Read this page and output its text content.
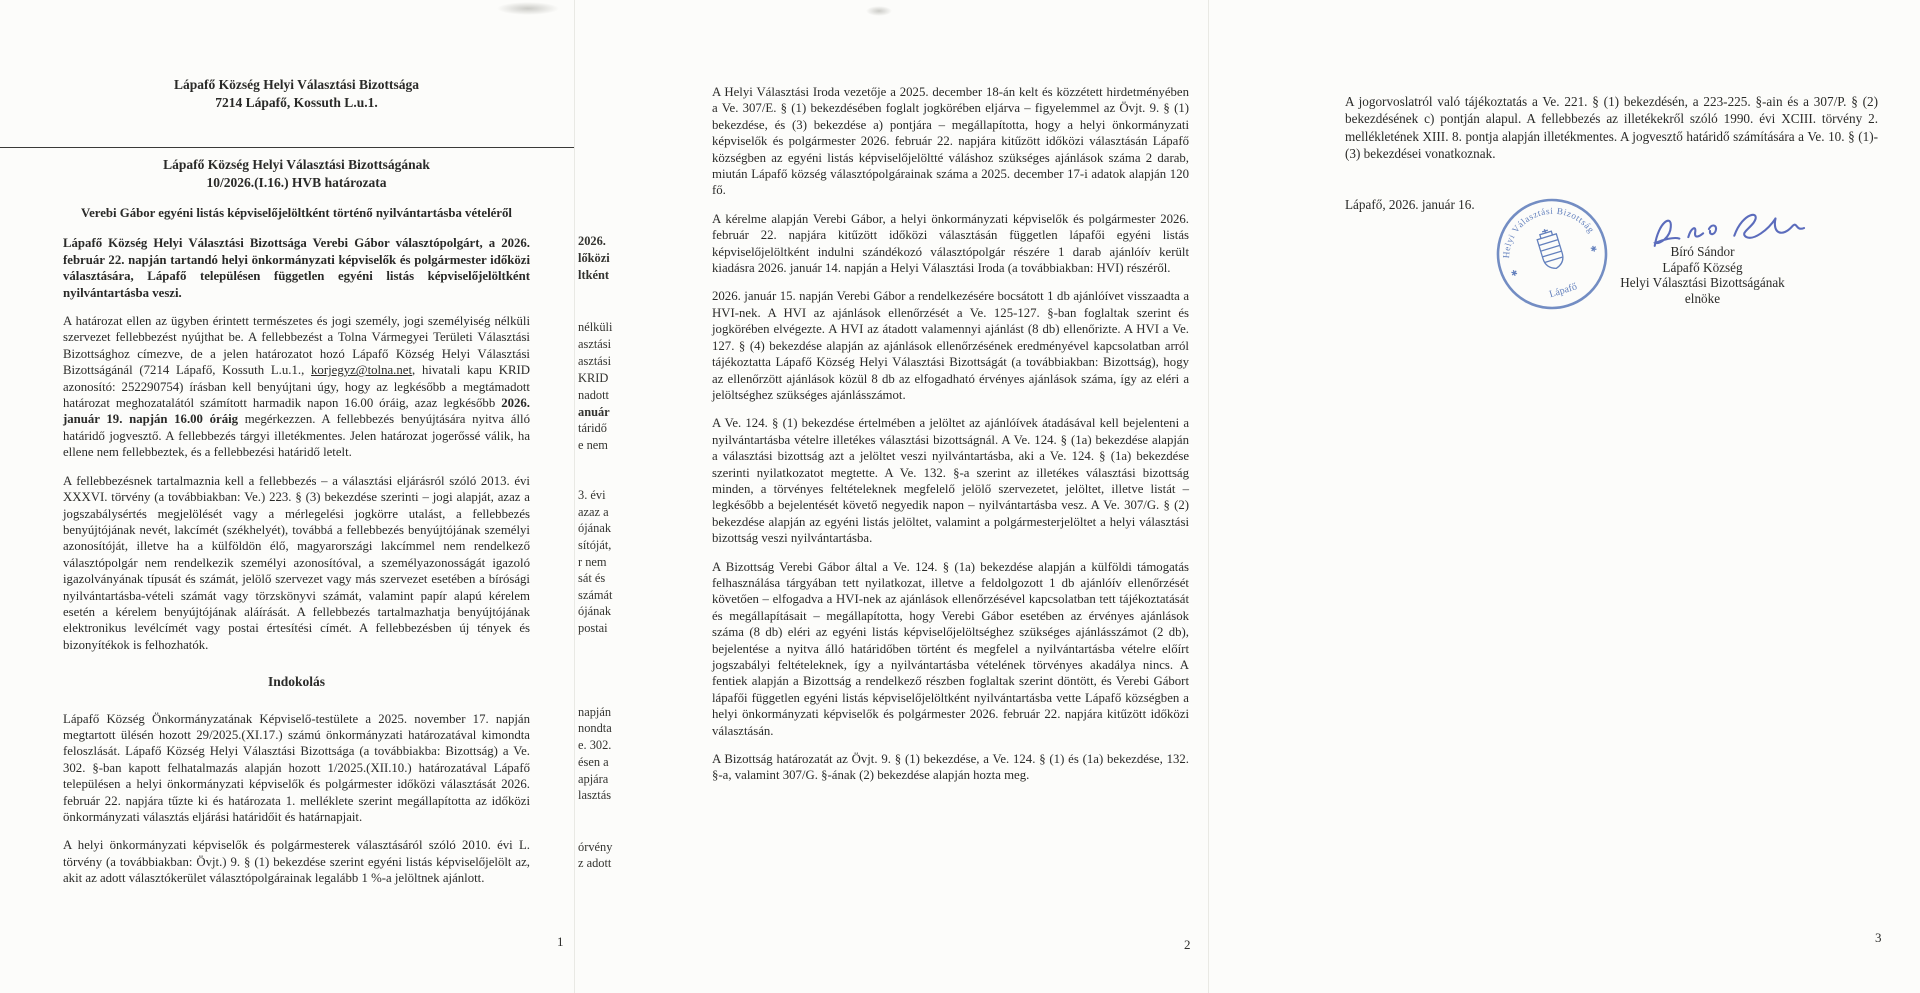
Lápafő Község Helyi Választási Bizottsága
7214 Lápafő, Kossuth L.u.1.
Lápafő Község Helyi Választási Bizottságának
10/2026.(I.16.) HVB határozata

Verebi Gábor egyéni listás képviselőjelöltként történő nyilvántartásba vételéről

Lápafő Község Helyi Választási Bizottsága Verebi Gábor választópolgárt, a 2026. február 22. napján tartandó helyi önkormányzati képviselők és polgármester időközi választására, Lápafő településen független egyéni listás képviselőjelöltként nyilvántartásba veszi.

A határozat ellen az ügyben érintett természetes és jogi személy, jogi személyiség nélküli szervezet fellebbezést nyújthat be. A fellebbezést a Tolna Vármegyei Területi Választási Bizottsághoz címezve, de a jelen határozatot hozó Lápafő Község Helyi Választási Bizottságánál (7214 Lápafő, Kossuth L.u.1., korjegyz@tolna.net, hivatali kapu KRID azonosító: 252290754) írásban kell benyújtani úgy, hogy az legkésőbb a megtámadott határozat meghozatalától számított harmadik napon 16.00 óráig, azaz legkésőbb 2026. január 19. napján 16.00 óráig megérkezzen. A fellebbezés benyújtására nyitva álló határidő jogvesztő. A fellebbezés tárgyi illetékmentes. Jelen határozat jogerőssé válik, ha ellene nem fellebbeztek, és a fellebbezési határidő letelt.

A fellebbezésnek tartalmaznia kell a fellebbezés – a választási eljárásról szóló 2013. évi XXXVI. törvény (a továbbiakban: Ve.) 223. § (3) bekezdése szerinti – jogi alapját, azaz a jogszabálysértés megjelölését vagy a mérlegelési jogkörre utalást, a fellebbezés benyújtójának nevét, lakcímét (székhelyét), továbbá a fellebbezés benyújtójának személyi azonosítóját, illetve ha a külföldön élő, magyarországi lakcímmel nem rendelkező választópolgár nem rendelkezik személyi azonosítóval, a személyazonosságát igazoló igazolványának típusát és számát, jelölő szervezet vagy más szervezet esetében a bírósági nyilvántartásba-vételi számát vagy törzskönyvi számát, valamint papír alapú kérelem esetén a kérelem benyújtójának aláírását. A fellebbezés tartalmazhatja benyújtójának elektronikus levélcímét vagy postai értesítési címét. A fellebbezésben új tények és bizonyítékok is felhozhatók.

Indokolás

Lápafő Község Önkormányzatának Képviselő-testülete a 2025. november 17. napján megtartott ülésén hozott 29/2025.(XI.17.) számú önkormányzati határozatával kimondta feloszlását. Lápafő Község Helyi Választási Bizottsága (a továbbiakba: Bizottság) a Ve. 302. §-ban kapott felhatalmazás alapján hozott 1/2025.(XII.10.) határozatával Lápafő településen a helyi önkormányzati képviselők és polgármester időközi választását 2026. február 22. napjára tűzte ki és határozata 1. melléklete szerint megállapította az időközi önkormányzati választás eljárási határidőit és határnapjait.

A helyi önkormányzati képviselők és polgármesterek választásáról szóló 2010. évi L. törvény (a továbbiakban: Övjt.) 9. § (1) bekezdése szerint egyéni listás képviselőjelölt az, akit az adott választókerület választópolgárainak legalább 1 %-a jelöltnek ajánlott.

2026.
lőközi
ltként
nélküli
asztási
asztási
KRID
nadott
anuár
táridő
e nem
3. évi
azaz a
ójának
sítóját,
r nem
sát és
számát
ójának
postai
napján
nondta
e. 302.
ésen a
apjára
lasztás
órvény
z adott

A Helyi Választási Iroda vezetője a 2025. december 18-án kelt és közzétett hirdetményében a Ve. 307/E. § (1) bekezdésében foglalt jogkörében eljárva – figyelemmel az Övjt. 9. § (1) bekezdése, és (3) bekezdése a) pontjára – megállapította, hogy a helyi önkormányzati képviselők és polgármester 2026. február 22. napjára kitűzött időközi választásán Lápafő községben az egyéni listás képviselőjelöltté váláshoz szükséges ajánlások száma 2 darab, miután Lápafő község választópolgárainak száma a 2025. december 17-i adatok alapján 120 fő.

A kérelme alapján Verebi Gábor, a helyi önkormányzati képviselők és polgármester 2026. február 22. napjára kitűzött időközi választásán független lápafői egyéni listás képviselőjelöltként indulni szándékozó választópolgár részére 1 darab ajánlóív került kiadásra 2026. január 14. napján a Helyi Választási Iroda (a továbbiakban: HVI) részéről.

2026. január 15. napján Verebi Gábor a rendelkezésére bocsátott 1 db ajánlóívet visszaadta a HVI-nek. A HVI az ajánlások ellenőrzését a Ve. 125-127. §-ban foglaltak szerint és jogkörében elvégezte. A HVI az átadott valamennyi ajánlást (8 db) ellenőrizte. A HVI a Ve. 127. § (4) bekezdése alapján az ajánlások ellenőrzésének eredményével kapcsolatban arról tájékoztatta Lápafő Község Helyi Választási Bizottságát (a továbbiakban: Bizottság), hogy az ellenőrzött ajánlások közül 8 db az elfogadható érvényes ajánlások száma, így az eléri a jelöltséghez szükséges ajánlásszámot.

A Ve. 124. § (1) bekezdése értelmében a jelöltet az ajánlóívek átadásával kell bejelenteni a nyilvántartásba vételre illetékes választási bizottságnál. A Ve. 124. § (1a) bekezdése alapján a választási bizottság azt a jelöltet veszi nyilvántartásba, aki a Ve. 124. § (1a) bekezdése szerinti nyilatkozatot megtette. A Ve. 132. §-a szerint az illetékes választási bizottság minden, a törvényes feltételeknek megfelelő jelölő szervezetet, jelöltet, illetve listát – legkésőbb a bejelentését követő negyedik napon – nyilvántartásba vesz. A Ve. 307/G. § (2) bekezdése alapján az egyéni listás jelöltet, valamint a polgármesterjelöltet a helyi választási bizottság veszi nyilvántartásba.

A Bizottság Verebi Gábor által a Ve. 124. § (1a) bekezdése alapján a külföldi támogatás felhasználása tárgyában tett nyilatkozat, illetve a feldolgozott 1 db ajánlóív ellenőrzését követően – elfogadva a HVI-nek az ajánlások ellenőrzésével kapcsolatban tett tájékoztatását és megállapításait – megállapította, hogy Verebi Gábor esetében az érvényes ajánlások száma (8 db) eléri az egyéni listás képviselőjelöltséghez szükséges ajánlásszámot (2 db), bejelentése a nyitva álló határidőben történt és megfelel a nyilvántartásba vételre előírt jogszabályi feltételeknek, így a nyilvántartásba vételének törvényes akadálya nincs. A fentiek alapján a Bizottság a rendelkező részben foglaltak szerint döntött, és Verebi Gábort lápafői független egyéni listás képviselőjelöltként nyilvántartásba vette Lápafő községben a helyi önkormányzati képviselők és polgármester 2026. február 22. napjára kitűzött időközi választásán.

A Bizottság határozatát az Övjt. 9. § (1) bekezdése, a Ve. 124. § (1) és (1a) bekezdése, 132. §-a, valamint 307/G. §-ának (2) bekezdése alapján hozta meg.

A jogorvoslatról való tájékoztatás a Ve. 221. § (1) bekezdésén, a 223-225. §-ain és a 307/P. § (2) bekezdésének c) pontján alapul. A fellebbezés az illetékekről szóló 1990. évi XCIII. törvény 2. mellékletének XIII. 8. pontja alapján illetékmentes. A jogvesztő határidő számítására a Ve. 10. § (1)-(3) bekezdései vonatkoznak.

Lápafő, 2026. január 16.
Helyi Választási Bizottság
Lápafő
✱
✱	Bíró Sándor
Lápafő Község
Helyi Választási Bizottságának
elnöke
1	2	3
